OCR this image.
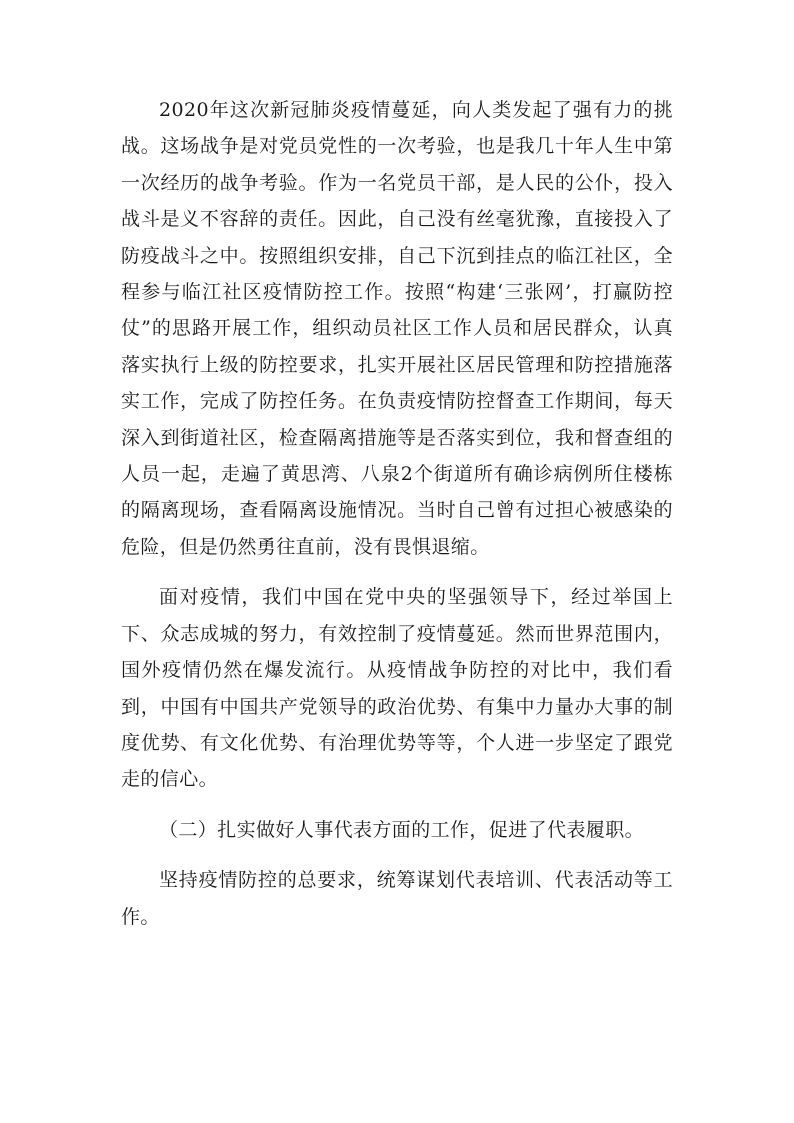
2020年这次新冠肺炎疫情蔓延，向人类发起了强有力的挑战。这场战争是对党员党性的一次考验，也是我几十年人生中第一次经历的战争考验。作为一名党员干部，是人民的公仆，投入战斗是义不容辞的责任。因此，自己没有丝毫犹豫，直接投入了防疫战斗之中。按照组织安排，自己下沉到挂点的临江社区，全程参与临江社区疫情防控工作。按照“构建‘三张网’，打赢防控仗”的思路开展工作，组织动员社区工作人员和居民群众，认真落实执行上级的防控要求，扎实开展社区居民管理和防控措施落实工作，完成了防控任务。在负责疫情防控督查工作期间，每天深入到街道社区，检查隔离措施等是否落实到位，我和督查组的人员一起，走遍了黄思湾、八泉2个街道所有确诊病例所住楼栋的隔离现场，查看隔离设施情况。当时自己曾有过担心被感染的危险，但是仍然勇往直前，没有畏惧退缩。

面对疫情，我们中国在党中央的坚强领导下，经过举国上下、众志成城的努力，有效控制了疫情蔓延。然而世界范围内，国外疫情仍然在爆发流行。从疫情战争防控的对比中，我们看到，中国有中国共产党领导的政治优势、有集中力量办大事的制度优势、有文化优势、有治理优势等等，个人进一步坚定了跟党走的信心。

（二）扎实做好人事代表方面的工作，促进了代表履职。

坚持疫情防控的总要求，统筹谋划代表培训、代表活动等工作。
